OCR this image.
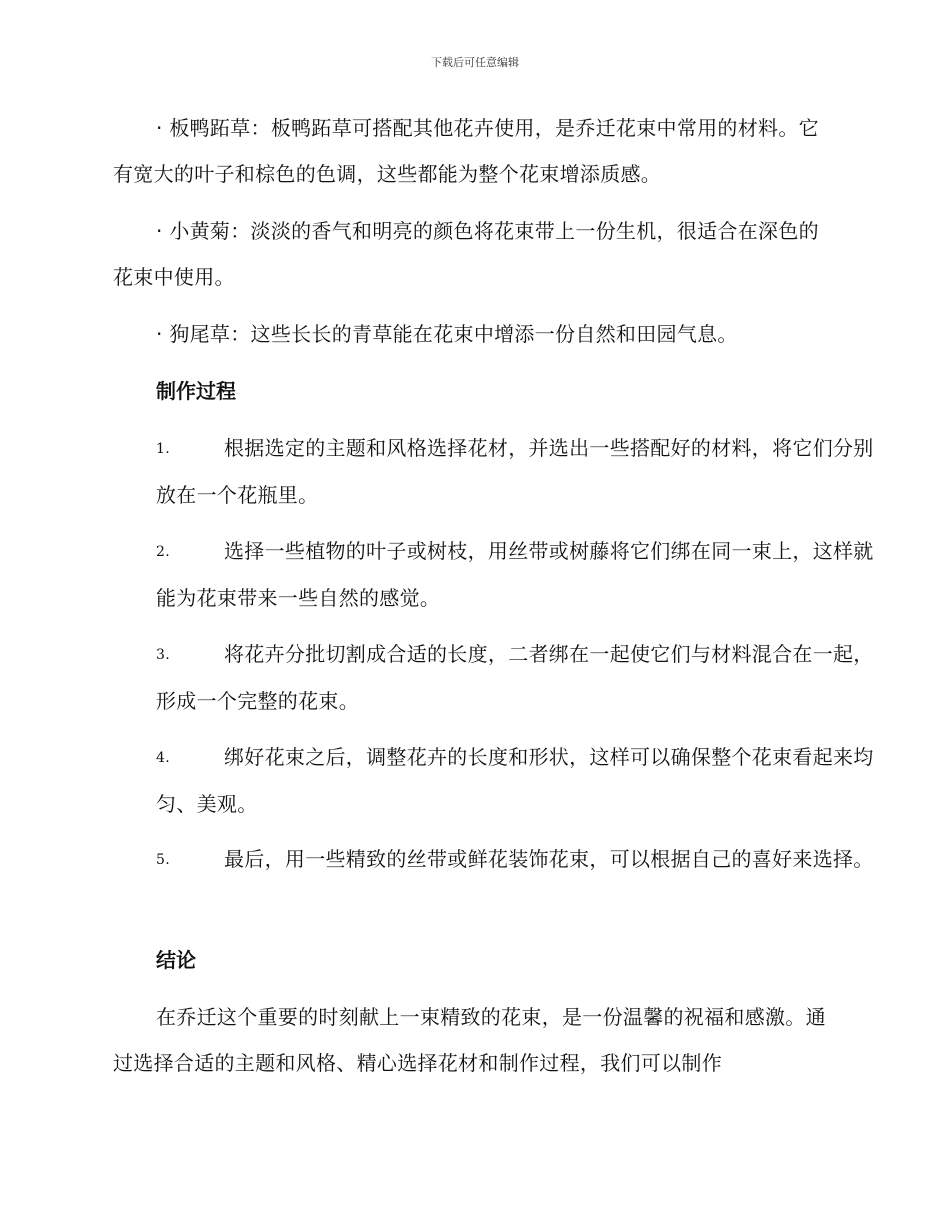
下载后可任意编辑
· 板鸭跖草：板鸭跖草可搭配其他花卉使用，是乔迁花束中常用的材料。它有宽大的叶子和棕色的色调，这些都能为整个花束增添质感。
· 小黄菊：淡淡的香气和明亮的颜色将花束带上一份生机，很适合在深色的花束中使用。
· 狗尾草：这些长长的青草能在花束中增添一份自然和田园气息。
制作过程
1.	根据选定的主题和风格选择花材，并选出一些搭配好的材料，将它们分别放在一个花瓶里。
2.	选择一些植物的叶子或树枝，用丝带或树藤将它们绑在同一束上，这样就能为花束带来一些自然的感觉。
3.	将花卉分批切割成合适的长度，二者绑在一起使它们与材料混合在一起，形成一个完整的花束。
4.	绑好花束之后，调整花卉的长度和形状，这样可以确保整个花束看起来均匀、美观。
5.	最后，用一些精致的丝带或鲜花装饰花束，可以根据自己的喜好来选择。
结论
在乔迁这个重要的时刻献上一束精致的花束，是一份温馨的祝福和感激。通过选择合适的主题和风格、精心选择花材和制作过程，我们可以制作
